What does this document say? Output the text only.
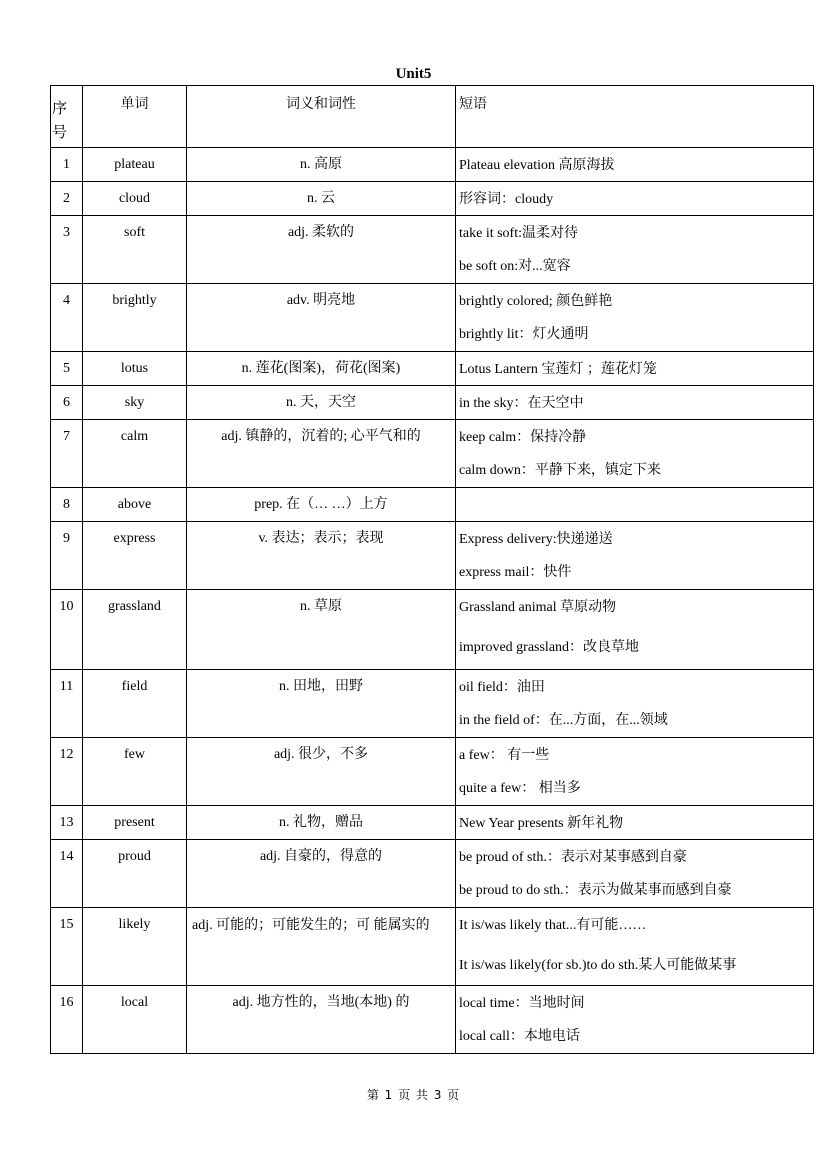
Unit5
序号	单词	词义和词性	短语

1	plateau	n. 高原	Plateau elevation 高原海拔

2	cloud	n. 云	形容词：cloudy

3	soft	adj. 柔软的	take it soft:温柔对待
be soft on:对...宽容

4	brightly	adv. 明亮地	brightly colored; 颜色鲜艳
brightly lit：灯火通明

5	lotus	n. 莲花(图案)，荷花(图案)	Lotus Lantern 宝莲灯 ；莲花灯笼

6	sky	n. 天，天空	in the sky：在天空中

7	calm	adj. 镇静的，沉着的; 心平气和的	keep calm：保持冷静
calm down：平静下来，镇定下来

8	above	prep. 在（… …）上方	

9	express	v. 表达；表示；表现	Express delivery:快递递送
express mail：快件

10	grassland	n. 草原	Grassland animal 草原动物
improved grassland：改良草地

11	field	n. 田地，田野	oil field：油田
in the field of：在...方面，在...领域

12	few	adj. 很少，不多	a few： 有一些
quite a few： 相当多

13	present	n. 礼物，赠品	New Year presents 新年礼物

14	proud	adj. 自豪的，得意的	be proud of sth.：表示对某事感到自豪
be proud to do sth.：表示为做某事而感到自豪

15	likely	adj. 可能的；可能发生的；可 能属实的	It is/was likely that...有可能……
It is/was likely(for sb.)to do sth.某人可能做某事

16	local	adj. 地方性的，当地(本地) 的	local time：当地时间
local call：本地电话
第 1 页 共 3 页
